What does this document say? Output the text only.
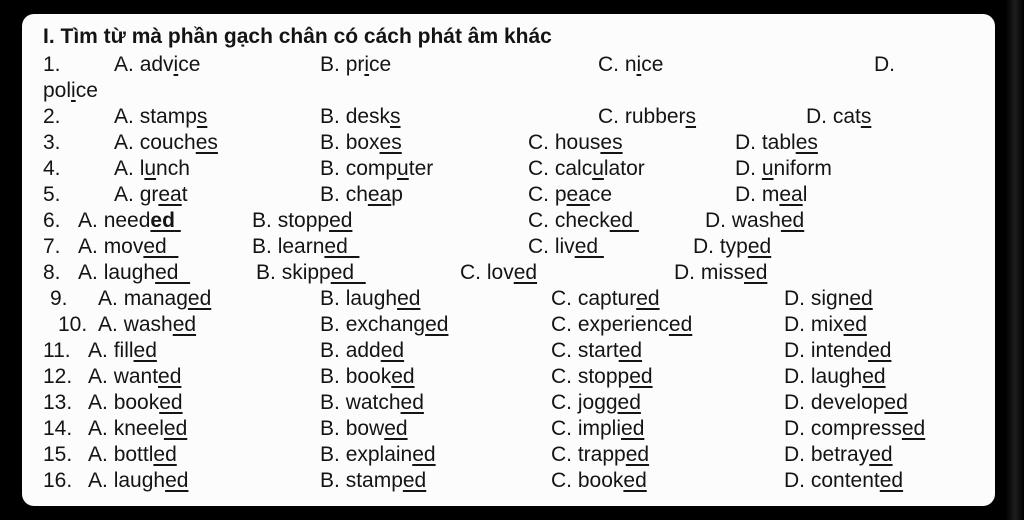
I. Tìm từ mà phần gạch chân có cách phát âm khác
1.	A. advice	B. price	C. nice	D.
police
2.	A. stamps	B. desks	C. rubbers	D. cats
3.	A. couches	B. boxes	C. houses	D. tables
4.	A. lunch	B. computer	C. calculator	D. uniform
5.	A. great	B. cheap	C. peace	D. meal
6. A. needed	B. stopped	C. checked	D. washed
7. A. moved	B. learned	C. lived	D. typed
8. A. laughed	B. skipped	C. loved	D. missed
9. A. managed	B. laughed	C. captured	D. signed
10. A. washed	B. exchanged	C. experienced	D. mixed
11. A. filled	B. added	C. started	D. intended
12. A. wanted	B. booked	C. stopped	D. laughed
13. A. booked	B. watched	C. jogged	D. developed
14. A. kneeled	B. bowed	C. implied	D. compressed
15. A. bottled	B. explained	C. trapped	D. betrayed
16. A. laughed	B. stamped	C. booked	D. contented
